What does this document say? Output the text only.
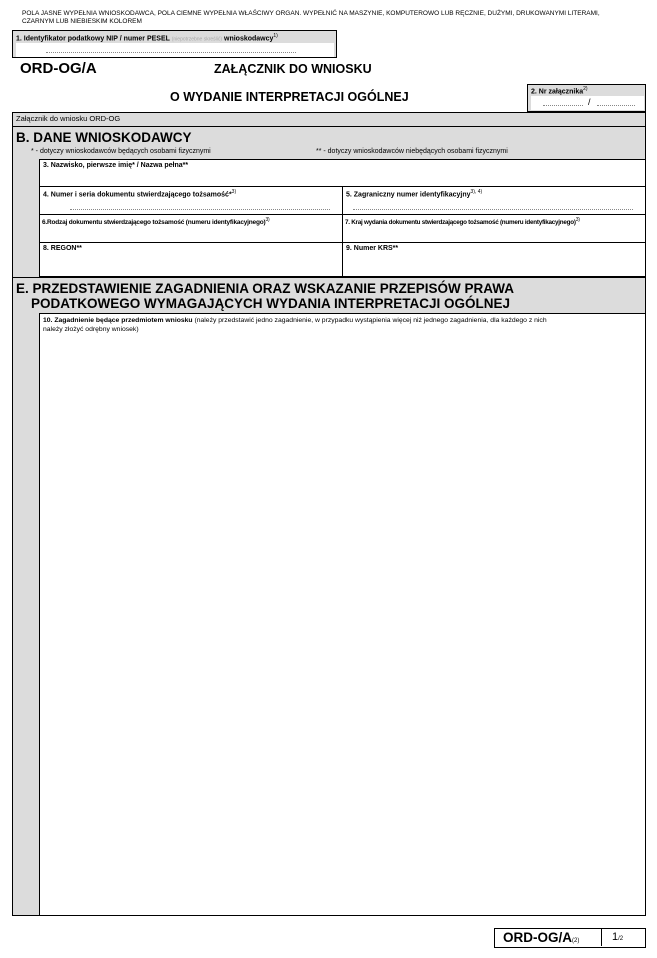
POLA JASNE WYPEŁNIA WNIOSKODAWCA, POLA CIEMNE WYPEŁNIA WŁAŚCIWY ORGAN. WYPEŁNIĆ NA MASZYNIE, KOMPUTEROWO LUB RĘCZNIE, DUŻYMI, DRUKOWANYMI LITERAMI, CZARNYM LUB NIEBIESKIM KOLOREM
1. Identyfikator podatkowy NIP / numer PESEL (niepotrzebne skreślić) wnioskodawcy$^{1)}$
ORD-OG/A	ZAŁĄCZNIK DO WNIOSKU
O WYDANIE INTERPRETACJI OGÓLNEJ	2. Nr załącznika$^{2)}$
/
Załącznik do wniosku ORD-OG
B. DANE WNIOSKODAWCY
* - dotyczy wnioskodawców będących osobami fizycznymi	** - dotyczy wnioskodawców niebędących osobami fizycznymi
3. Nazwisko, pierwsze imię* / Nazwa pełna**
4. Numer i seria dokumentu stwierdzającego tożsamość*$^{3)}$	5. Zagraniczny numer identyfikacyjny$^{3), 4)}$
6.Rodzaj dokumentu stwierdzającego tożsamość (numeru identyfikacyjnego)$^{3)}$	7. Kraj wydania dokumentu stwierdzającego tożsamość (numeru identyfikacyjnego)$^{3)}$
8. REGON**	9. Numer KRS**
E. PRZEDSTAWIENIE ZAGADNIENIA ORAZ WSKAZANIE PRZEPISÓW PRAWA
PODATKOWEGO WYMAGAJĄCYCH WYDANIA INTERPRETACJI OGÓLNEJ
10. Zagadnienie będące przedmiotem wniosku (należy przedstawić jedno zagadnienie, w przypadku wystąpienia więcej niż jednego zagadnienia, dla każdego z nich
należy złożyć odrębny wniosek)
ORD-OG/A(2)	1/2
